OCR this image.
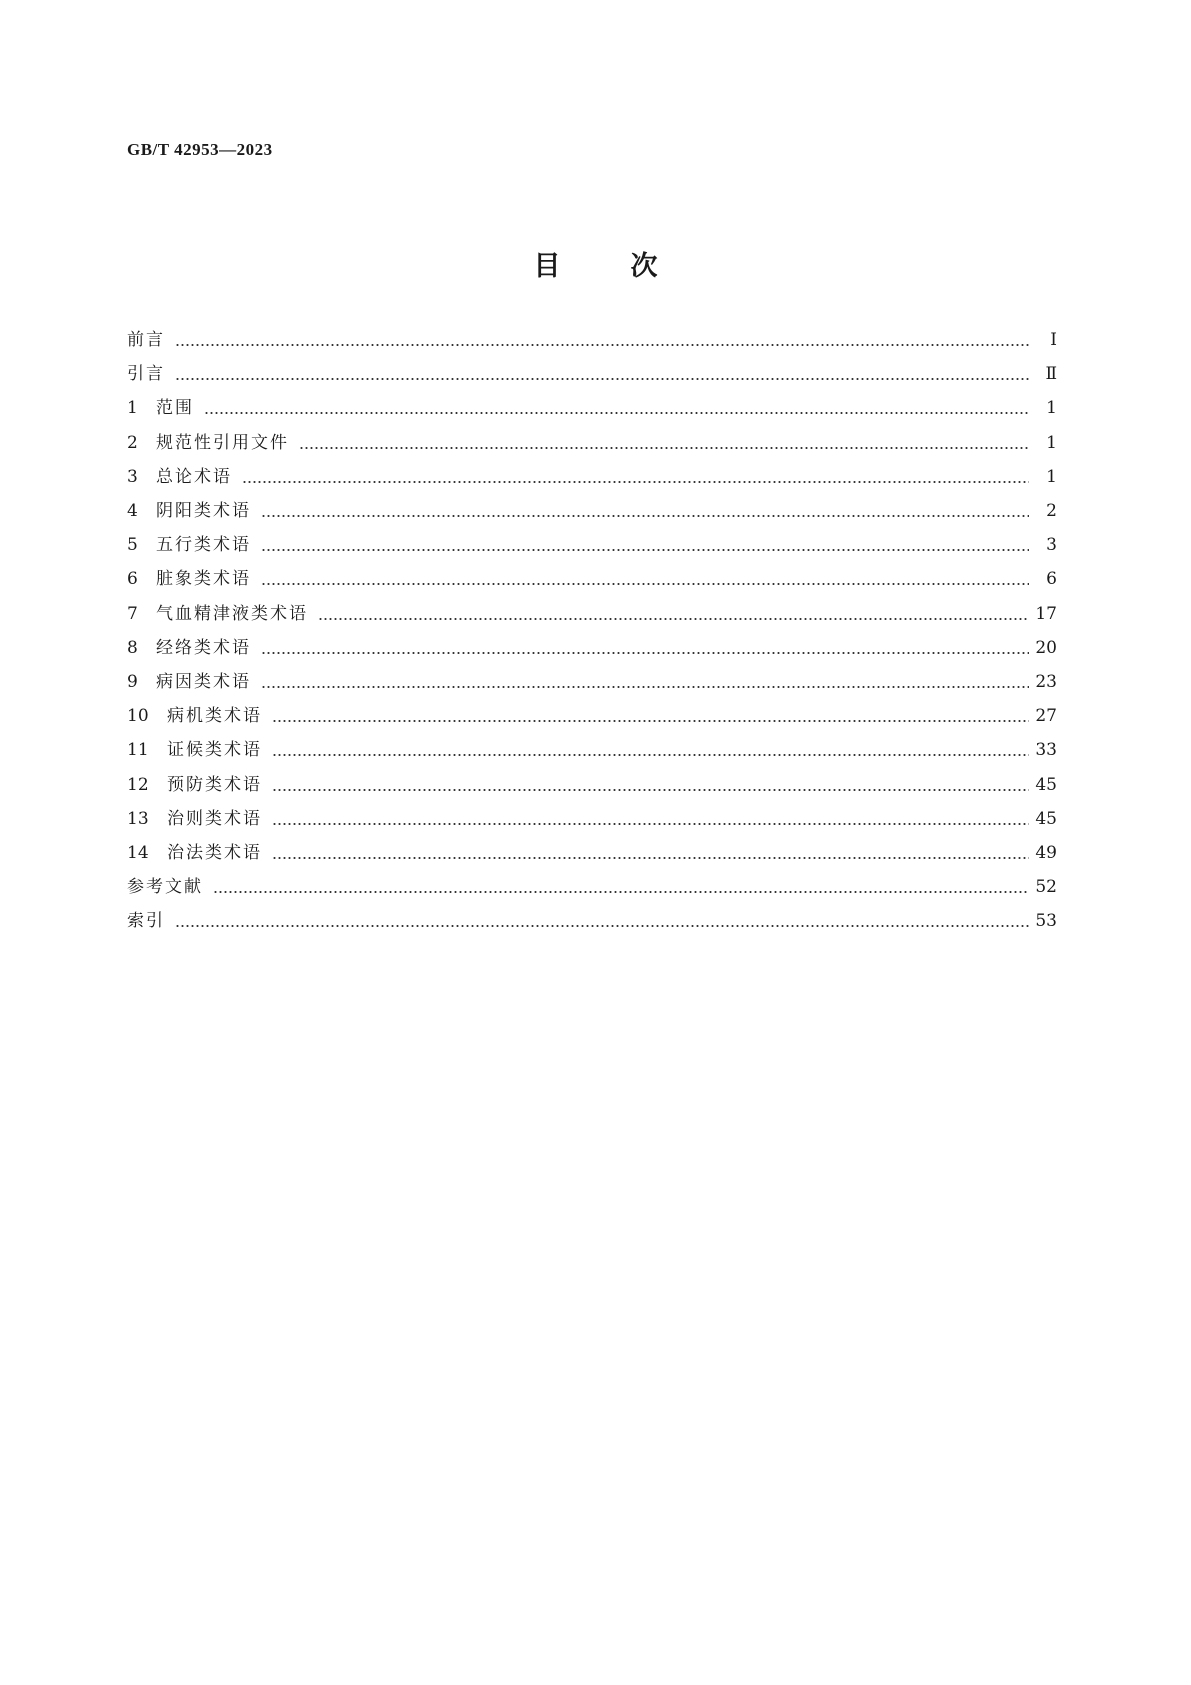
GB/T 42953—2023
目	次
前言	Ⅰ
引言	Ⅱ
1	范围	1
2	规范性引用文件	1
3	总论术语	1
4	阴阳类术语	2
5	五行类术语	3
6	脏象类术语	6
7	气血精津液类术语	17
8	经络类术语	20
9	病因类术语	23
10	病机类术语	27
11	证候类术语	33
12	预防类术语	45
13	治则类术语	45
14	治法类术语	49
参考文献	52
索引	53
